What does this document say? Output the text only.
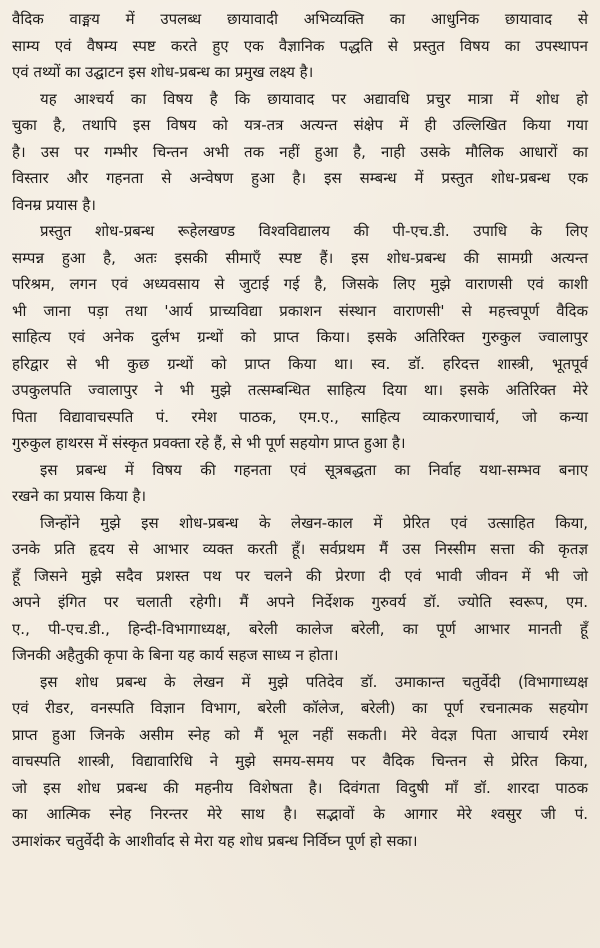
वैदिक वाङ्मय में उपलब्ध छायावादी अभिव्यक्ति का आधुनिक छायावाद से
साम्य एवं वैषम्य स्पष्ट करते हुए एक वैज्ञानिक पद्धति से प्रस्तुत विषय का उपस्थापन
एवं तथ्यों का उद्घाटन इस शोध-प्रबन्ध का प्रमुख लक्ष्य है।

यह आश्चर्य का विषय है कि छायावाद पर अद्यावधि प्रचुर मात्रा में शोध हो
चुका है, तथापि इस विषय को यत्र-तत्र अत्यन्त संक्षेप में ही उल्लिखित किया गया
है। उस पर गम्भीर चिन्तन अभी तक नहीं हुआ है, नाही उसके मौलिक आधारों का
विस्तार और गहनता से अन्वेषण हुआ है। इस सम्बन्ध में प्रस्तुत शोध-प्रबन्ध एक
विनम्र प्रयास है।

प्रस्तुत शोध-प्रबन्ध रूहेलखण्ड विश्वविद्यालय की पी-एच.डी. उपाधि के लिए
सम्पन्न हुआ है, अतः इसकी सीमाएँ स्पष्ट हैं। इस शोध-प्रबन्ध की सामग्री अत्यन्त
परिश्रम, लगन एवं अध्यवसाय से जुटाई गई है, जिसके लिए मुझे वाराणसी एवं काशी
भी जाना पड़ा तथा 'आर्य प्राच्यविद्या प्रकाशन संस्थान वाराणसी' से महत्त्वपूर्ण वैदिक
साहित्य एवं अनेक दुर्लभ ग्रन्थों को प्राप्त किया। इसके अतिरिक्त गुरुकुल ज्वालापुर
हरिद्वार से भी कुछ ग्रन्थों को प्राप्त किया था। स्व. डॉ. हरिदत्त शास्त्री, भूतपूर्व
उपकुलपति ज्वालापुर ने भी मुझे तत्सम्बन्धित साहित्य दिया था। इसके अतिरिक्त मेरे
पिता विद्यावाचस्पति पं. रमेश पाठक, एम.ए., साहित्य व्याकरणाचार्य, जो कन्या
गुरुकुल हाथरस में संस्कृत प्रवक्ता रहे हैं, से भी पूर्ण सहयोग प्राप्त हुआ है।

इस प्रबन्ध में विषय की गहनता एवं सूत्रबद्धता का निर्वाह यथा-सम्भव बनाए
रखने का प्रयास किया है।

जिन्होंने मुझे इस शोध-प्रबन्ध के लेखन-काल में प्रेरित एवं उत्साहित किया,
उनके प्रति हृदय से आभार व्यक्त करती हूँ। सर्वप्रथम मैं उस निस्सीम सत्ता की कृतज्ञ
हूँ जिसने मुझे सदैव प्रशस्त पथ पर चलने की प्रेरणा दी एवं भावी जीवन में भी जो
अपने इंगित पर चलाती रहेगी। मैं अपने निर्देशक गुरुवर्य डॉ. ज्योति स्वरूप, एम.
ए., पी-एच.डी., हिन्दी-विभागाध्यक्ष, बरेली कालेज बरेली, का पूर्ण आभार मानती हूँ
जिनकी अहैतुकी कृपा के बिना यह कार्य सहज साध्य न होता।

इस शोध प्रबन्ध के लेखन में मुझे पतिदेव डॉ. उमाकान्त चतुर्वेदी (विभागाध्यक्ष
एवं रीडर, वनस्पति विज्ञान विभाग, बरेली कॉलेज, बरेली) का पूर्ण रचनात्मक सहयोग
प्राप्त हुआ जिनके असीम स्नेह को मैं भूल नहीं सकती। मेरे वेदज्ञ पिता आचार्य रमेश
वाचस्पति शास्त्री, विद्यावारिधि ने मुझे समय-समय पर वैदिक चिन्तन से प्रेरित किया,
जो इस शोध प्रबन्ध की महनीय विशेषता है। दिवंगता विदुषी माँ डॉ. शारदा पाठक
का आत्मिक स्नेह निरन्तर मेरे साथ है। सद्भावों के आगार मेरे श्वसुर जी पं.
उमाशंकर चतुर्वेदी के आशीर्वाद से मेरा यह शोध प्रबन्ध निर्विघ्न पूर्ण हो सका।
